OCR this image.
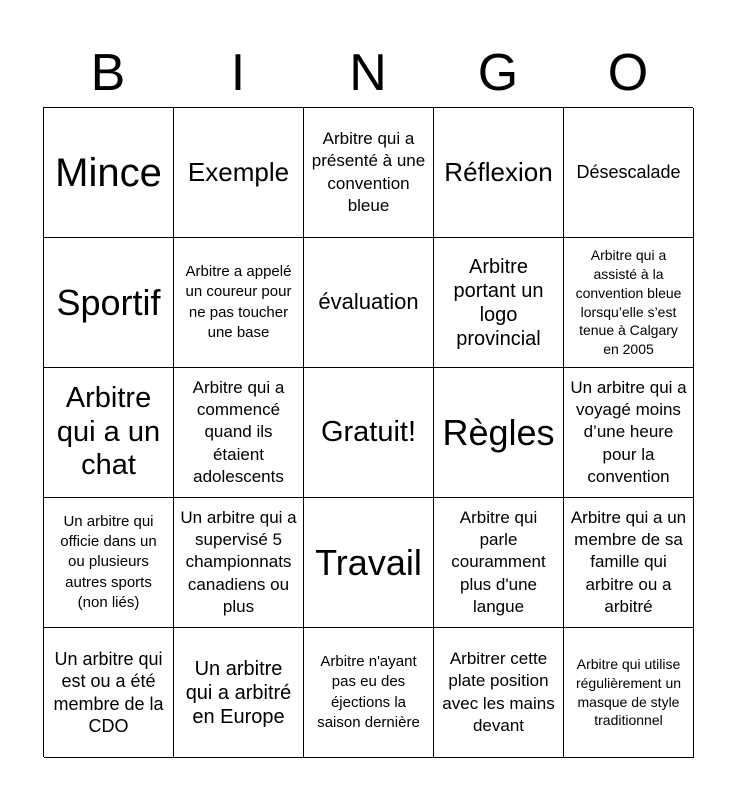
B	I	N	G	O
Mince	Exemple
Arbitre qui a présenté à une convention bleue
Réflexion	Désescalade
Sportif
Arbitre a appelé un coureur pour ne pas toucher une base
évaluation
Arbitre portant un logo provincial
Arbitre qui a assisté à la convention bleue lorsqu’elle s’est tenue à Calgary en 2005
Arbitre qui a un chat
Arbitre qui a commencé quand ils étaient adolescents
Gratuit! Règles
Un arbitre qui a voyagé moins d’une heure pour la convention
Un arbitre qui officie dans un ou plusieurs autres sports (non liés)
Un arbitre qui a supervisé 5 championnats canadiens ou plus
Travail
Arbitre qui parle couramment plus d'une langue
Arbitre qui a un membre de sa famille qui arbitre ou a arbitré
Un arbitre qui est ou a été membre de la CDO
Un arbitre qui a arbitré en Europe
Arbitre n'ayant pas eu des éjections la saison dernière
Arbitrer cette plate position avec les mains devant
Arbitre qui utilise régulièrement un masque de style traditionnel
